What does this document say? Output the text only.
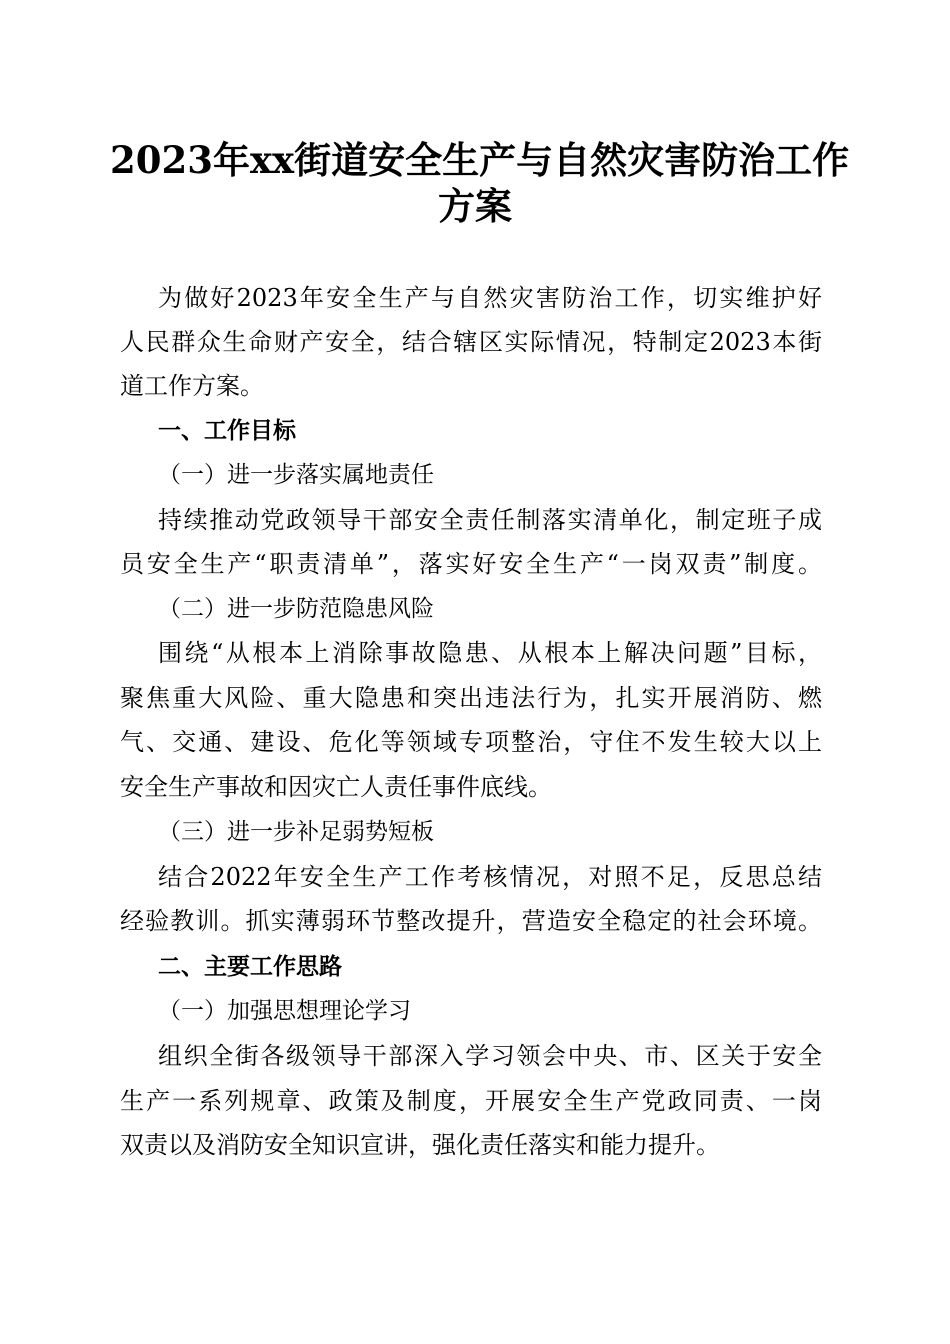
2023年xx街道安全生产与自然灾害防治工作
方案

为做好2023年安全生产与自然灾害防治工作，切实维护好

人民群众生命财产安全，结合辖区实际情况，特制定2023本街

道工作方案。

一、工作目标

（一）进一步落实属地责任

持续推动党政领导干部安全责任制落实清单化，制定班子成

员安全生产“职责清单”，落实好安全生产“一岗双责”制度。

（二）进一步防范隐患风险

围绕“从根本上消除事故隐患、从根本上解决问题”目标，

聚焦重大风险、重大隐患和突出违法行为，扎实开展消防、燃

气、交通、建设、危化等领域专项整治，守住不发生较大以上

安全生产事故和因灾亡人责任事件底线。

（三）进一步补足弱势短板

结合2022年安全生产工作考核情况，对照不足，反思总结

经验教训。抓实薄弱环节整改提升，营造安全稳定的社会环境。

二、主要工作思路

（一）加强思想理论学习

组织全街各级领导干部深入学习领会中央、市、区关于安全

生产一系列规章、政策及制度，开展安全生产党政同责、一岗

双责以及消防安全知识宣讲，强化责任落实和能力提升。
